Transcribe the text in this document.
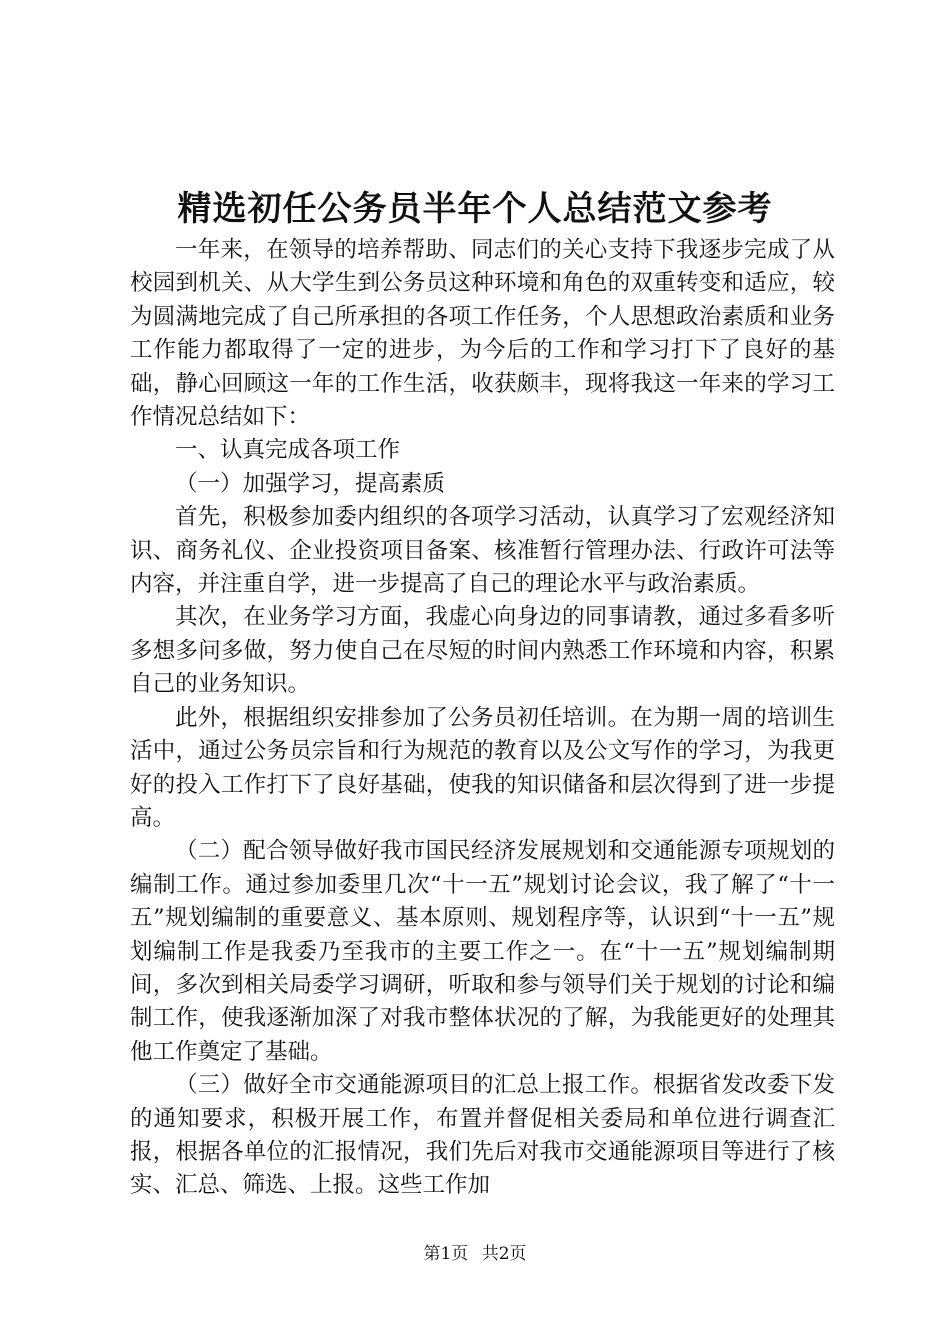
精选初任公务员半年个人总结范文参考

一年来，在领导的培养帮助、同志们的关心支持下我逐步完成了从校园到机关、从大学生到公务员这种环境和角色的双重转变和适应，较为圆满地完成了自己所承担的各项工作任务，个人思想政治素质和业务工作能力都取得了一定的进步，为今后的工作和学习打下了良好的基础，静心回顾这一年的工作生活，收获颇丰，现将我这一年来的学习工作情况总结如下：

一、认真完成各项工作

（一）加强学习，提高素质

首先，积极参加委内组织的各项学习活动，认真学习了宏观经济知识、商务礼仪、企业投资项目备案、核准暂行管理办法、行政许可法等内容，并注重自学，进一步提高了自己的理论水平与政治素质。

其次，在业务学习方面，我虚心向身边的同事请教，通过多看多听多想多问多做，努力使自己在尽短的时间内熟悉工作环境和内容，积累自己的业务知识。

此外，根据组织安排参加了公务员初任培训。在为期一周的培训生活中，通过公务员宗旨和行为规范的教育以及公文写作的学习，为我更好的投入工作打下了良好基础，使我的知识储备和层次得到了进一步提高。

（二）配合领导做好我市国民经济发展规划和交通能源专项规划的编制工作。通过参加委里几次“十一五”规划讨论会议，我了解了“十一五”规划编制的重要意义、基本原则、规划程序等，认识到“十一五”规划编制工作是我委乃至我市的主要工作之一。在“十一五”规划编制期间，多次到相关局委学习调研，听取和参与领导们关于规划的讨论和编制工作，使我逐渐加深了对我市整体状况的了解，为我能更好的处理其他工作奠定了基础。

（三）做好全市交通能源项目的汇总上报工作。根据省发改委下发的通知要求，积极开展工作，布置并督促相关委局和单位进行调查汇报，根据各单位的汇报情况，我们先后对我市交通能源项目等进行了核实、汇总、筛选、上报。这些工作加

第1页 共2页
